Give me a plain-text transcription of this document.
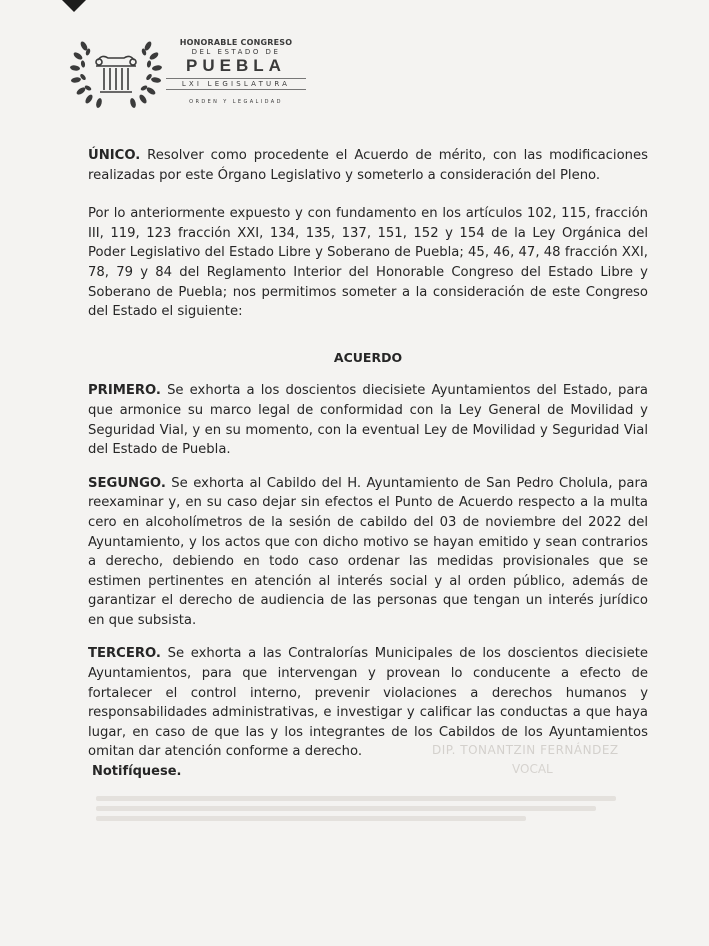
HONORABLE CONGRESO
DEL ESTADO DE
PUEBLA
LXI LEGISLATURA
ORDEN Y LEGALIDAD

ÚNICO. Resolver como procedente el Acuerdo de mérito, con las modificaciones realizadas por este Órgano Legislativo y someterlo a consideración del Pleno.

Por lo anteriormente expuesto y con fundamento en los artículos 102, 115, fracción III, 119, 123 fracción XXI, 134, 135, 137, 151, 152 y 154 de la Ley Orgánica del Poder Legislativo del Estado Libre y Soberano de Puebla; 45, 46, 47, 48 fracción XXI, 78, 79 y 84 del Reglamento Interior del Honorable Congreso del Estado Libre y Soberano de Puebla; nos permitimos someter a la consideración de este Congreso del Estado el siguiente:

ACUERDO

PRIMERO. Se exhorta a los doscientos diecisiete Ayuntamientos del Estado, para que armonice su marco legal de conformidad con la Ley General de Movilidad y Seguridad Vial, y en su momento, con la eventual Ley de Movilidad y Seguridad Vial del Estado de Puebla.

SEGUNGO. Se exhorta al Cabildo del H. Ayuntamiento de San Pedro Cholula, para reexaminar y, en su caso dejar sin efectos el Punto de Acuerdo respecto a la multa cero en alcoholímetros de la sesión de cabildo del 03 de noviembre del 2022 del Ayuntamiento, y los actos que con dicho motivo se hayan emitido y sean contrarios a derecho, debiendo en todo caso ordenar las medidas provisionales que se estimen pertinentes en atención al interés social y al orden público, además de garantizar el derecho de audiencia de las personas que tengan un interés jurídico en que subsista.

TERCERO. Se exhorta a las Contralorías Municipales de los doscientos diecisiete Ayuntamientos, para que intervengan y provean lo conducente a efecto de fortalecer el control interno, prevenir violaciones a derechos humanos y responsabilidades administrativas, e investigar y calificar las conductas a que haya lugar, en caso de que las y los integrantes de los Cabildos de los Ayuntamientos omitan dar atención conforme a derecho.	DIP. TONANTZIN FERNÁNDEZ
VOCAL
Notifíquese.
